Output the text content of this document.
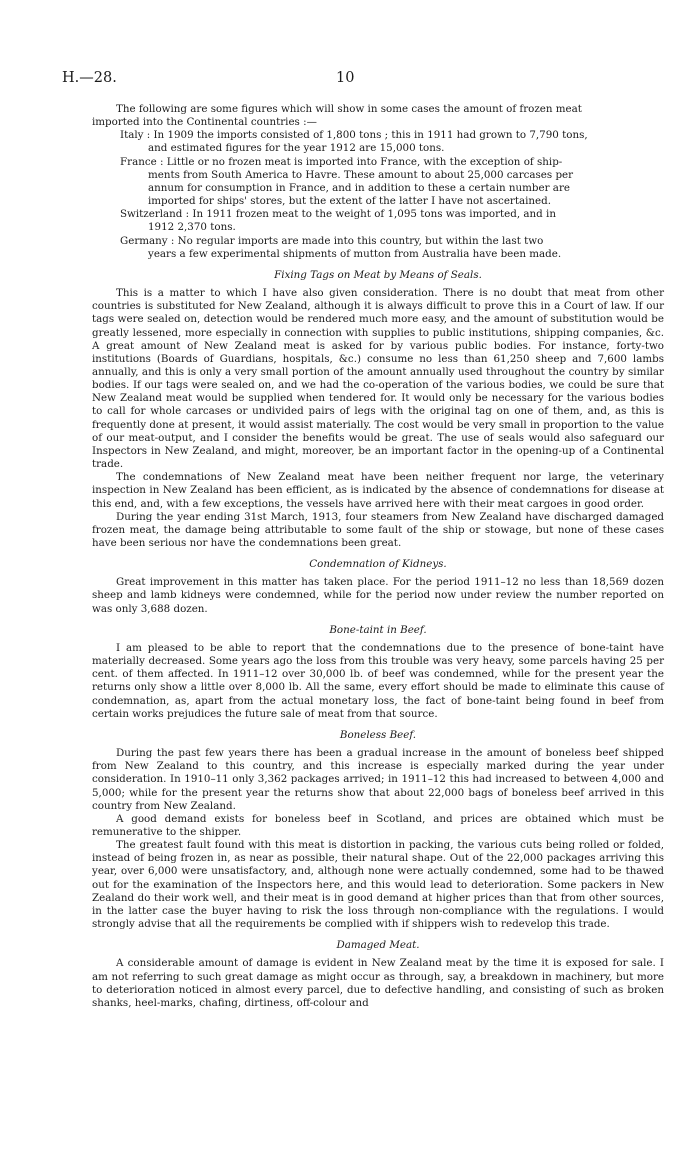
H.—28.	10

The following are some figures which will show in some cases the amount of frozen meat

imported into the Continental countries :—

Italy : In 1909 the imports consisted of 1,800 tons ; this in 1911 had grown to 7,790 tons,
and estimated figures for the year 1912 are 15,000 tons.
France : Little or no frozen meat is imported into France, with the exception of ship-
ments from South America to Havre. These amount to about 25,000 carcases per
annum for consumption in France, and in addition to these a certain number are
imported for ships' stores, but the extent of the latter I have not ascertained.
Switzerland : In 1911 frozen meat to the weight of 1,095 tons was imported, and in
1912 2,370 tons.
Germany : No regular imports are made into this country, but within the last two
years a few experimental shipments of mutton from Australia have been made.
Fixing Tags on Meat by Means of Seals.

This is a matter to which I have also given consideration. There is no doubt that meat from other countries is substituted for New Zealand, although it is always difficult to prove this in a Court of law. If our tags were sealed on, detection would be rendered much more easy, and the amount of substitution would be greatly lessened, more especially in connection with supplies to public institutions, shipping companies, &c. A great amount of New Zealand meat is asked for by various public bodies. For instance, forty-two institutions (Boards of Guardians, hospitals, &c.) consume no less than 61,250 sheep and 7,600 lambs annually, and this is only a very small portion of the amount annually used throughout the country by similar bodies. If our tags were sealed on, and we had the co-operation of the various bodies, we could be sure that New Zealand meat would be supplied when tendered for. It would only be necessary for the various bodies to call for whole carcases or undivided pairs of legs with the original tag on one of them, and, as this is frequently done at present, it would assist materially. The cost would be very small in proportion to the value of our meat-output, and I consider the benefits would be great. The use of seals would also safeguard our Inspectors in New Zealand, and might, moreover, be an important factor in the opening-up of a Continental trade.

The condemnations of New Zealand meat have been neither frequent nor large, the veterinary inspection in New Zealand has been efficient, as is indicated by the absence of condemnations for disease at this end, and, with a few exceptions, the vessels have arrived here with their meat cargoes in good order.

During the year ending 31st March, 1913, four steamers from New Zealand have discharged damaged frozen meat, the damage being attributable to some fault of the ship or stowage, but none of these cases have been serious nor have the condemnations been great.

Condemnation of Kidneys.

Great improvement in this matter has taken place. For the period 1911–12 no less than 18,569 dozen sheep and lamb kidneys were condemned, while for the period now under review the number reported on was only 3,688 dozen.

Bone-taint in Beef.

I am pleased to be able to report that the condemnations due to the presence of bone-taint have materially decreased. Some years ago the loss from this trouble was very heavy, some parcels having 25 per cent. of them affected. In 1911–12 over 30,000 lb. of beef was condemned, while for the present year the returns only show a little over 8,000 lb. All the same, every effort should be made to eliminate this cause of condemnation, as, apart from the actual monetary loss, the fact of bone-taint being found in beef from certain works prejudices the future sale of meat from that source.

Boneless Beef.

During the past few years there has been a gradual increase in the amount of boneless beef shipped from New Zealand to this country, and this increase is especially marked during the year under consideration. In 1910–11 only 3,362 packages arrived; in 1911–12 this had increased to between 4,000 and 5,000; while for the present year the returns show that about 22,000 bags of boneless beef arrived in this country from New Zealand.

A good demand exists for boneless beef in Scotland, and prices are obtained which must be remunerative to the shipper.

The greatest fault found with this meat is distortion in packing, the various cuts being rolled or folded, instead of being frozen in, as near as possible, their natural shape. Out of the 22,000 packages arriving this year, over 6,000 were unsatisfactory, and, although none were actually condemned, some had to be thawed out for the examination of the Inspectors here, and this would lead to deterioration. Some packers in New Zealand do their work well, and their meat is in good demand at higher prices than that from other sources, in the latter case the buyer having to risk the loss through non-compliance with the regulations. I would strongly advise that all the requirements be complied with if shippers wish to redevelop this trade.

Damaged Meat.

A considerable amount of damage is evident in New Zealand meat by the time it is exposed for sale. I am not referring to such great damage as might occur as through, say, a breakdown in machinery, but more to deterioration noticed in almost every parcel, due to defective handling, and consisting of such as broken shanks, heel-marks, chafing, dirtiness, off-colour and
